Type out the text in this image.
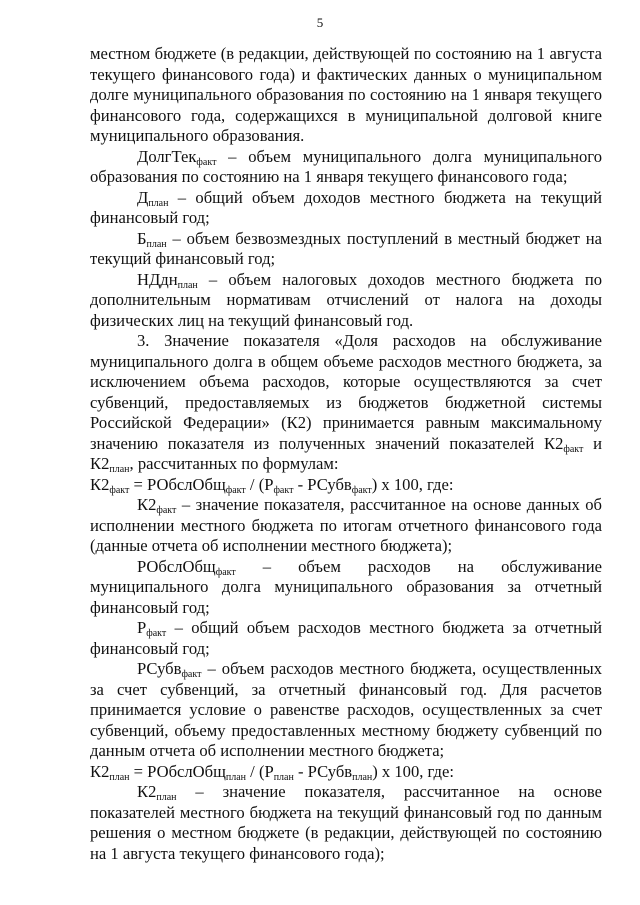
5

местном бюджете (в редакции, действующей по состоянию на 1 августа текущего финансового года) и фактических данных о муниципальном долге муниципального образования по состоянию на 1 января текущего финансового года, содержащихся в муниципальной долговой книге муниципального образования.

ДолгТек$_{факт}$ – объем муниципального долга муниципального образования по состоянию на 1 января текущего финансового года;

$Д_{план}$ – общий объем доходов местного бюджета на текущий финансовый год;

$Б_{план}$ – объем безвозмездных поступлений в местный бюджет на текущий финансовый год;

НДдн$_{план}$ – объем налоговых доходов местного бюджета по дополнительным нормативам отчислений от налога на доходы физических лиц на текущий финансовый год.

3. Значение показателя «Доля расходов на обслуживание муниципального долга в общем объеме расходов местного бюджета, за исключением объема расходов, которые осуществляются за счет субвенций, предоставляемых из бюджетов бюджетной системы Российской Федерации» (К2) принимается равным максимальному значению показателя из полученных значений показателей $К2_{факт}$ и $К2_{план}$, рассчитанных по формулам:

$К2_{факт}$ = РОбслОбщ$_{факт}$ / ($Р_{факт}$ - РСубв$_{факт}$) х 100, где:

$К2_{факт}$ – значение показателя, рассчитанное на основе данных об исполнении местного бюджета по итогам отчетного финансового года (данные отчета об исполнении местного бюджета);

РОбслОбщ$_{факт}$ – объем расходов на обслуживание муниципального долга муниципального образования за отчетный финансовый год;

$Р_{факт}$ – общий объем расходов местного бюджета за отчетный финансовый год;

РСубв$_{факт}$ – объем расходов местного бюджета, осуществленных за счет субвенций, за отчетный финансовый год. Для расчетов принимается условие о равенстве расходов, осуществленных за счет субвенций, объему предоставленных местному бюджету субвенций по данным отчета об исполнении местного бюджета;

$К2_{план}$ = РОбслОбщ$_{план}$ / ($Р_{план}$ - РСубв$_{план}$) х 100, где:

$К2_{план}$ – значение показателя, рассчитанное на основе показателей местного бюджета на текущий финансовый год по данным решения о местном бюджете (в редакции, действующей по состоянию на 1 августа текущего финансового года);
